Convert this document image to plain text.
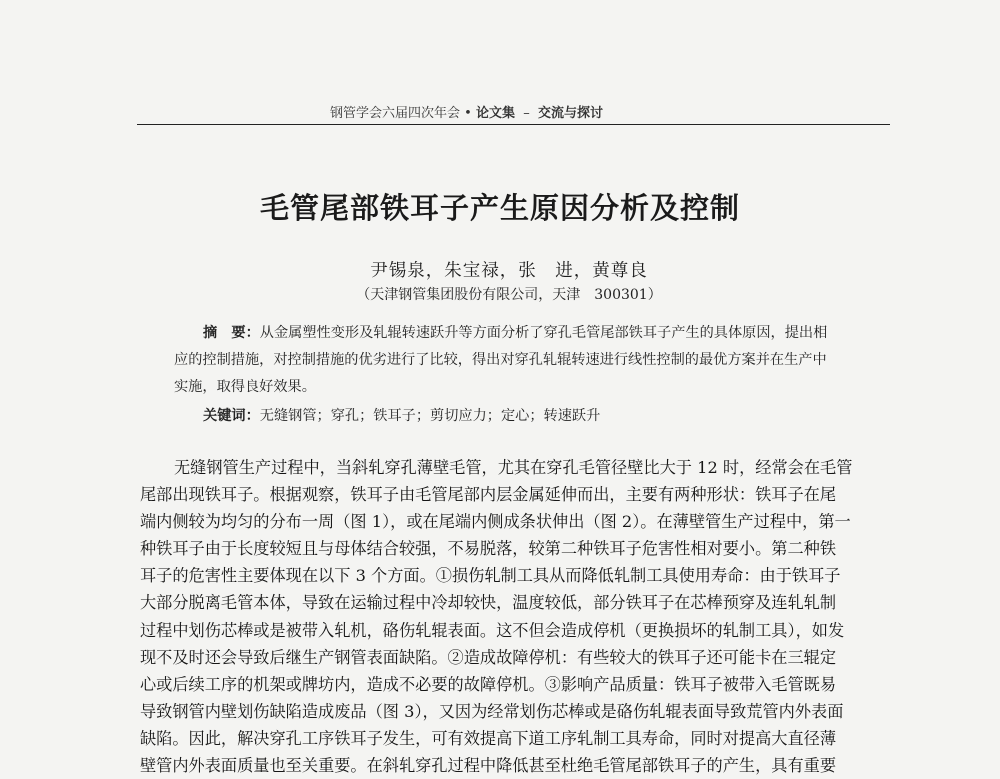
钢管学会六届四次年会 • 论文集 – 交流与探讨
毛管尾部铁耳子产生原因分析及控制
尹锡泉，朱宝禄，张　进，黄尊良
（天津钢管集团股份有限公司，天津　300301）
摘　要：从金属塑性变形及轧辊转速跃升等方面分析了穿孔毛管尾部铁耳子产生的具体原因，提出相
应的控制措施，对控制措施的优劣进行了比较，得出对穿孔轧辊转速进行线性控制的最优方案并在生产中
实施，取得良好效果。
关键词：无缝钢管；穿孔；铁耳子；剪切应力；定心；转速跃升
无缝钢管生产过程中，当斜轧穿孔薄壁毛管，尤其在穿孔毛管径壁比大于 12 时，经常会在毛管
尾部出现铁耳子。根据观察，铁耳子由毛管尾部内层金属延伸而出，主要有两种形状：铁耳子在尾
端内侧较为均匀的分布一周（图 1），或在尾端内侧成条状伸出（图 2）。在薄壁管生产过程中，第一
种铁耳子由于长度较短且与母体结合较强，不易脱落，较第二种铁耳子危害性相对要小。第二种铁
耳子的危害性主要体现在以下 3 个方面。①损伤轧制工具从而降低轧制工具使用寿命：由于铁耳子
大部分脱离毛管本体，导致在运输过程中冷却较快，温度较低，部分铁耳子在芯棒预穿及连轧轧制
过程中划伤芯棒或是被带入轧机，硌伤轧辊表面。这不但会造成停机（更换损坏的轧制工具），如发
现不及时还会导致后继生产钢管表面缺陷。②造成故障停机：有些较大的铁耳子还可能卡在三辊定
心或后续工序的机架或牌坊内，造成不必要的故障停机。③影响产品质量：铁耳子被带入毛管既易
导致钢管内壁划伤缺陷造成废品（图 3），又因为经常划伤芯棒或是硌伤轧辊表面导致荒管内外表面
缺陷。因此，解决穿孔工序铁耳子发生，可有效提高下道工序轧制工具寿命，同时对提高大直径薄
壁管内外表面质量也至关重要。在斜轧穿孔过程中降低甚至杜绝毛管尾部铁耳子的产生，具有重要
